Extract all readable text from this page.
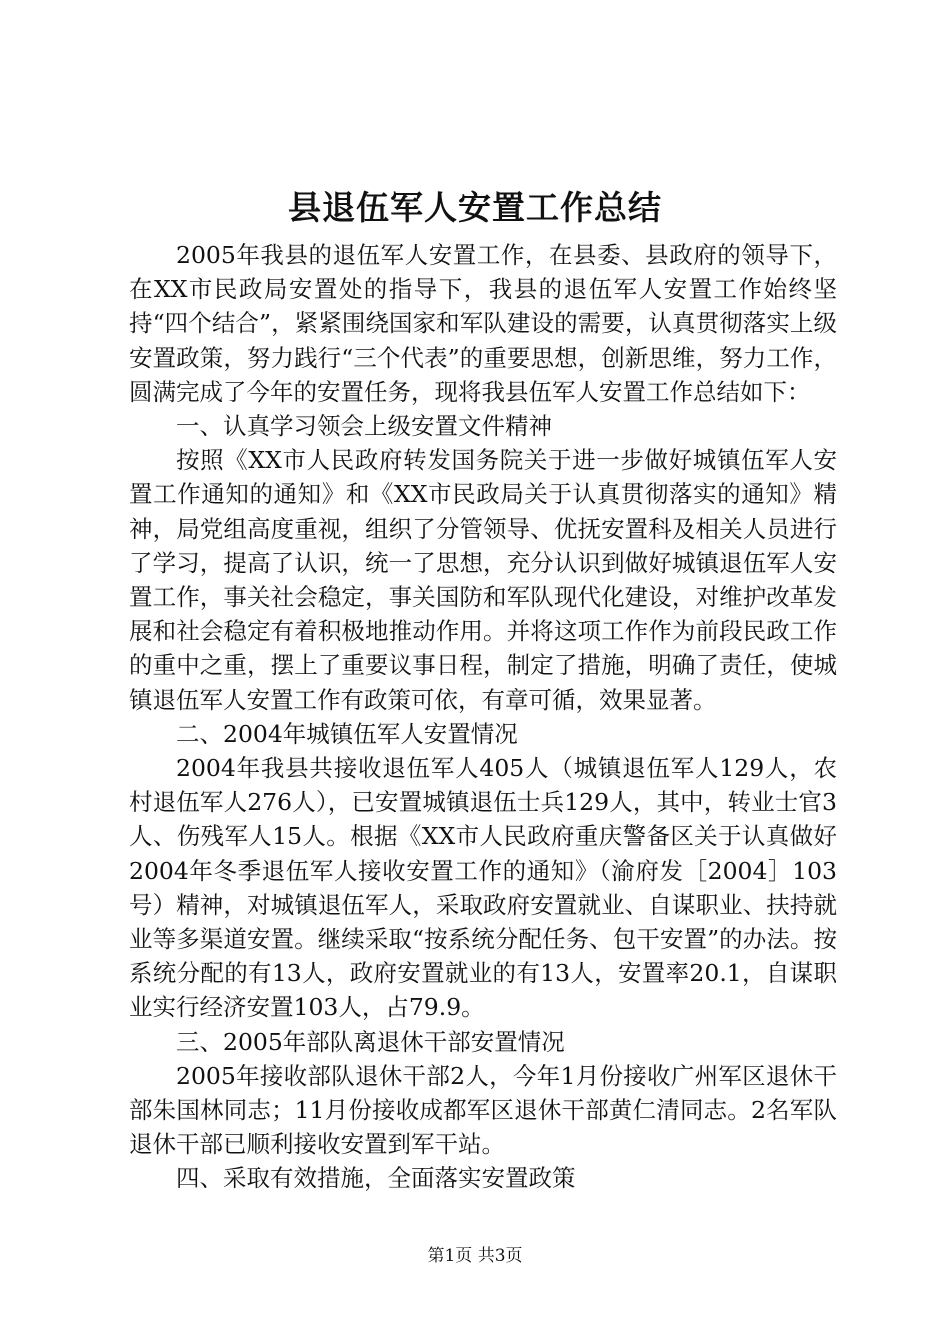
县退伍军人安置工作总结

2005年我县的退伍军人安置工作，在县委、县政府的领导下，在XX市民政局安置处的指导下，我县的退伍军人安置工作始终坚持“四个结合”，紧紧围绕国家和军队建设的需要，认真贯彻落实上级安置政策，努力践行“三个代表”的重要思想，创新思维，努力工作，圆满完成了今年的安置任务，现将我县伍军人安置工作总结如下：

一、认真学习领会上级安置文件精神

按照《XX市人民政府转发国务院关于进一步做好城镇伍军人安置工作通知的通知》和《XX市民政局关于认真贯彻落实的通知》精神，局党组高度重视，组织了分管领导、优抚安置科及相关人员进行了学习，提高了认识，统一了思想，充分认识到做好城镇退伍军人安置工作，事关社会稳定，事关国防和军队现代化建设，对维护改革发展和社会稳定有着积极地推动作用。并将这项工作作为前段民政工作的重中之重，摆上了重要议事日程，制定了措施，明确了责任，使城镇退伍军人安置工作有政策可依，有章可循，效果显著。

二、2004年城镇伍军人安置情况

2004年我县共接收退伍军人405人（城镇退伍军人129人，农村退伍军人276人），已安置城镇退伍士兵129人，其中，转业士官3人、伤残军人15人。根据《XX市人民政府重庆警备区关于认真做好2004年冬季退伍军人接收安置工作的通知》（渝府发［2004］103号）精神，对城镇退伍军人，采取政府安置就业、自谋职业、扶持就业等多渠道安置。继续采取“按系统分配任务、包干安置”的办法。按系统分配的有13人，政府安置就业的有13人，安置率20.1，自谋职业实行经济安置103人，占79.9。

三、2005年部队离退休干部安置情况

2005年接收部队退休干部2人，今年1月份接收广州军区退休干部朱国林同志；11月份接收成都军区退休干部黄仁清同志。2名军队退休干部已顺利接收安置到军干站。

四、采取有效措施，全面落实安置政策

第1页 共3页
